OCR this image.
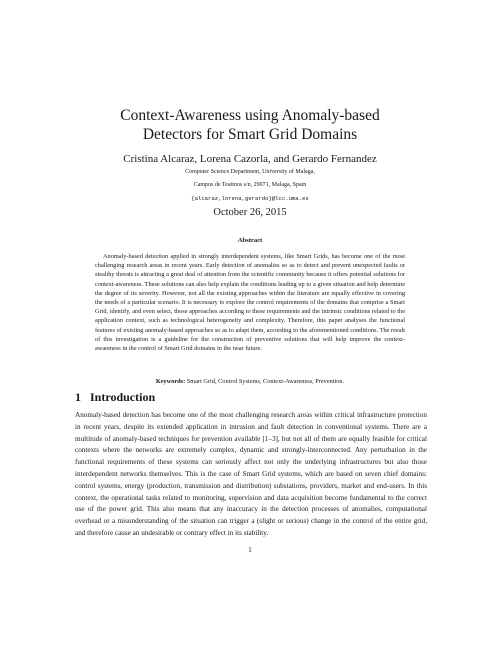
Context-Awareness using Anomaly-based
Detectors for Smart Grid Domains
Cristina Alcaraz, Lorena Cazorla, and Gerardo Fernandez
Computer Science Department, University of Malaga,
Campus de Teatinos s/n, 29071, Malaga, Spain
{alcaraz,lorena,gerardo}@lcc.uma.es
October 26, 2015
Abstract

Anomaly-based detection applied in strongly interdependent systems, like Smart Grids, has become one of the most challenging research areas in recent years. Early detection of anomalies so as to detect and prevent unexpected faults or stealthy threats is attracting a great deal of attention from the scientific community because it offers potential solutions for context-awareness. These solutions can also help explain the conditions leading up to a given situation and help determine the degree of its severity. However, not all the existing approaches within the literature are equally effective in covering the needs of a particular scenario. It is necessary to explore the control requirements of the domains that comprise a Smart Grid, identify, and even select, those approaches according to these requirements and the intrinsic conditions related to the application context, such as technological heterogeneity and complexity. Therefore, this paper analyses the functional features of existing anomaly-based approaches so as to adapt them, according to the aforementioned conditions. The result of this investigation is a guideline for the construction of preventive solutions that will help improve the context-awareness in the control of Smart Grid domains in the near future.

Keywords: Smart Grid, Control Systems, Context-Awareness, Prevention.
1 Introduction

Anomaly-based detection has become one of the most challenging research areas within critical infrastructure protection in recent years, despite its extended application in intrusion and fault detection in conventional systems. There are a multitude of anomaly-based techniques for prevention available [1–3], but not all of them are equally feasible for critical contexts where the networks are extremely complex, dynamic and strongly-interconnected. Any perturbation in the functional requirements of these systems can seriously affect not only the underlying infrastructures but also those interdependent networks themselves. This is the case of Smart Grid systems, which are based on seven chief domains: control systems, energy (production, transmission and distribution) substations, providers, market and end-users. In this context, the operational tasks related to monitoring, supervision and data acquisition become fundamental to the correct use of the power grid. This also means that any inaccuracy in the detection processes of anomalies, computational overhead or a misunderstanding of the situation can trigger a (slight or serious) change in the control of the entire grid, and therefore cause an undesirable or contrary effect in its stability.

1
